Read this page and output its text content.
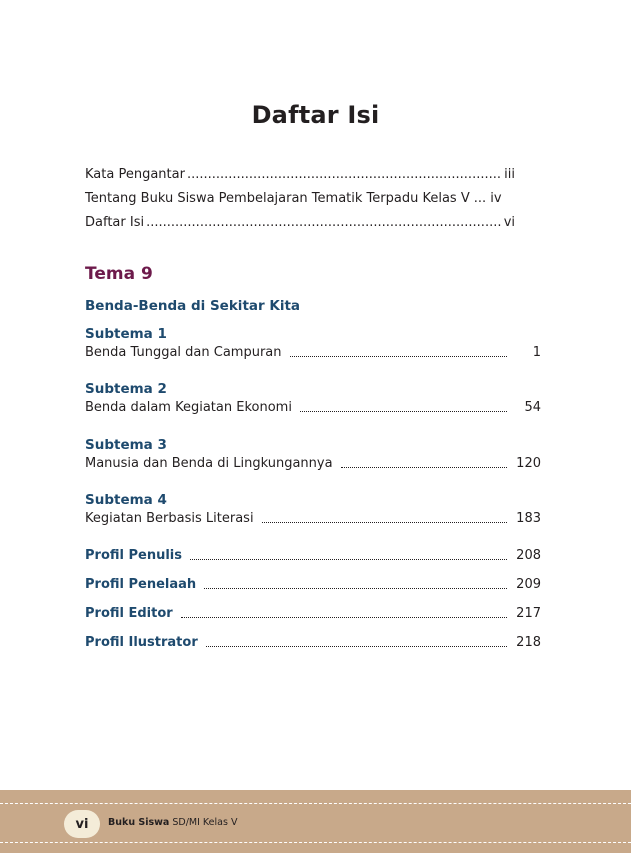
Daftar Isi
Kata Pengantar .....	iii
Tentang Buku Siswa Pembelajaran Tematik Terpadu Kelas V ... iv
Daftar Isi .....	vi
Tema 9
Benda-Benda di Sekitar Kita
Subtema 1
Benda Tunggal dan Campuran	1
Subtema 2
Benda dalam Kegiatan Ekonomi	54
Subtema 3
Manusia dan Benda di Lingkungannya	120
Subtema 4
Kegiatan Berbasis Literasi	183
Profil Penulis	208
Profil Penelaah	209
Profil Editor	217
Profil Ilustrator	218
vi	Buku Siswa SD/MI Kelas V
